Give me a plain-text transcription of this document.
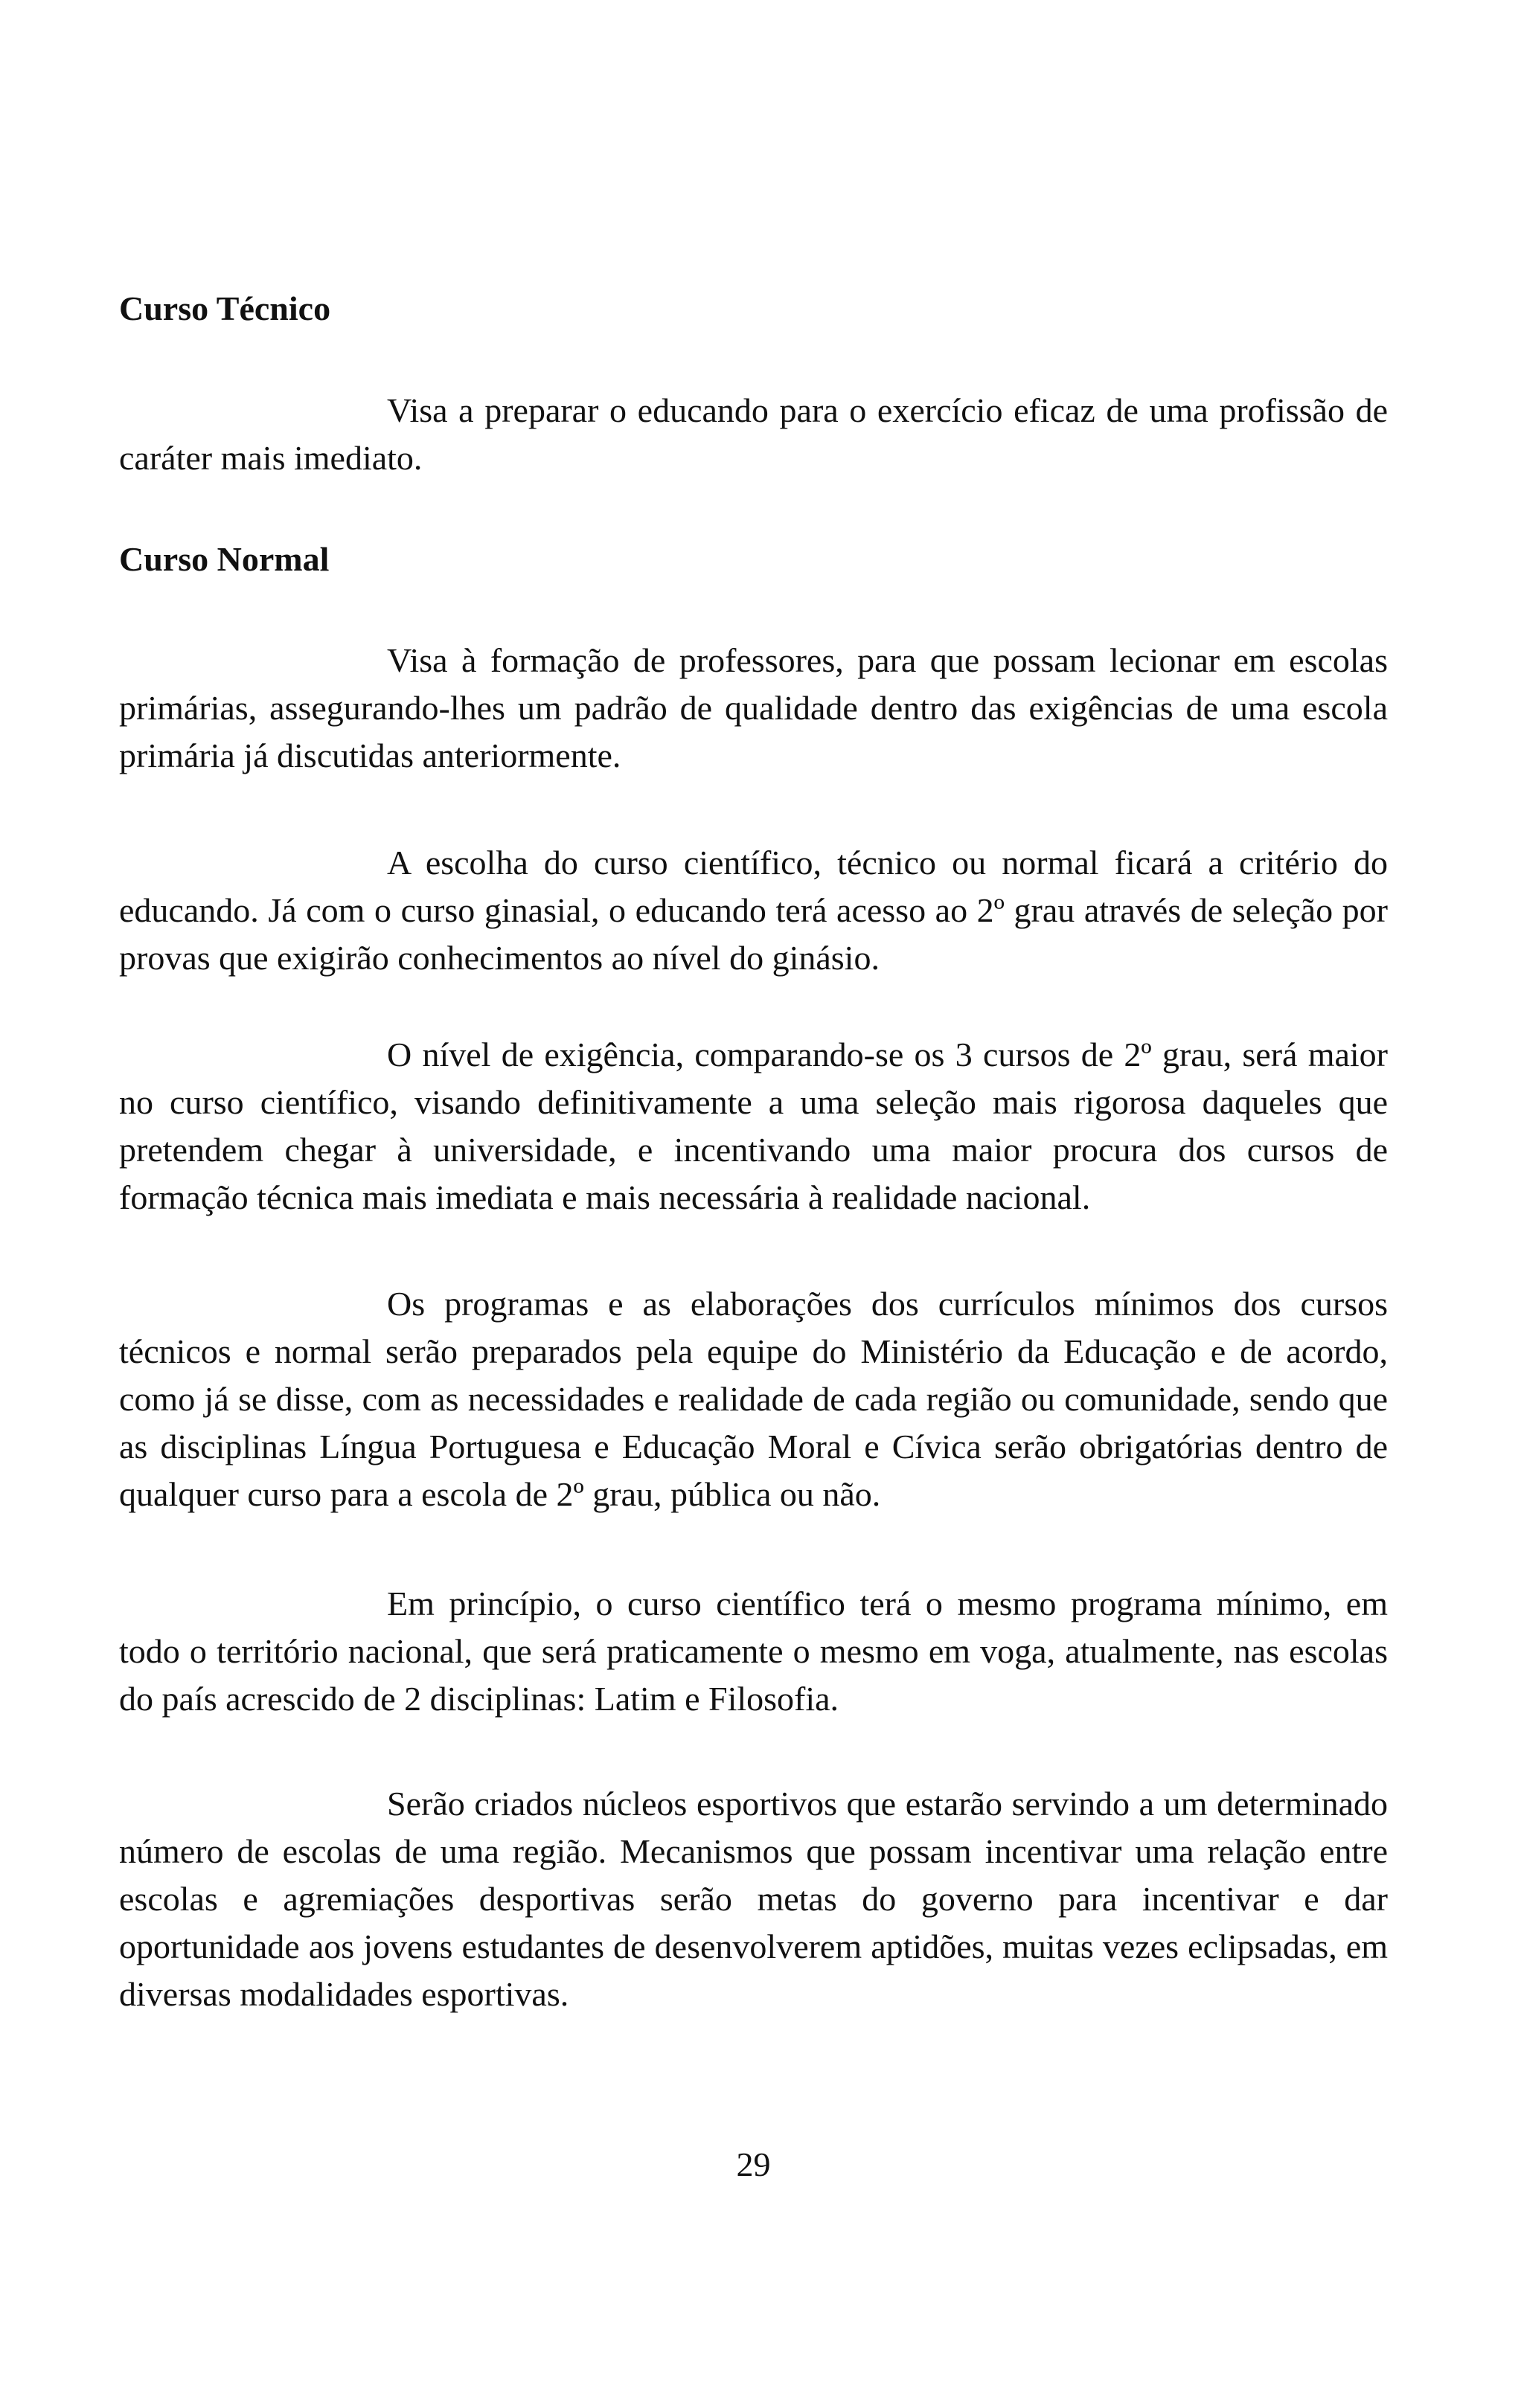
Curso Técnico

Visa a preparar o educando para o exercício eficaz de uma profissão de caráter mais imediato.

Curso Normal

Visa à formação de professores, para que possam lecionar em escolas primárias, assegurando-lhes um padrão de qualidade dentro das exigências de uma escola primária já discutidas anteriormente.

A escolha do curso científico, técnico ou normal ficará a critério do educando. Já com o curso ginasial, o educando terá acesso ao 2º grau através de seleção por provas que exigirão conhecimentos ao nível do ginásio.

O nível de exigência, comparando-se os 3 cursos de 2º grau, será maior no curso científico, visando definitivamente a uma seleção mais rigorosa daqueles que pretendem chegar à universidade, e incentivando uma maior procura dos cursos de formação técnica mais imediata e mais necessária à realidade nacional.

Os programas e as elaborações dos currículos mínimos dos cursos técnicos e normal serão preparados pela equipe do Ministério da Educação e de acordo, como já se disse, com as necessidades e realidade de cada região ou comunidade, sendo que as disciplinas Língua Portuguesa e Educação Moral e Cívica serão obrigatórias dentro de qualquer curso para a escola de 2º grau, pública ou não.

Em princípio, o curso científico terá o mesmo programa mínimo, em todo o território nacional, que será praticamente o mesmo em voga, atualmente, nas escolas do país acrescido de 2 disciplinas: Latim e Filosofia.

Serão criados núcleos esportivos que estarão servindo a um determinado número de escolas de uma região. Mecanismos que possam incentivar uma relação entre escolas e agremiações desportivas serão metas do governo para incentivar e dar oportunidade aos jovens estudantes de desenvolverem aptidões, muitas vezes eclipsadas, em diversas modalidades esportivas.

29
